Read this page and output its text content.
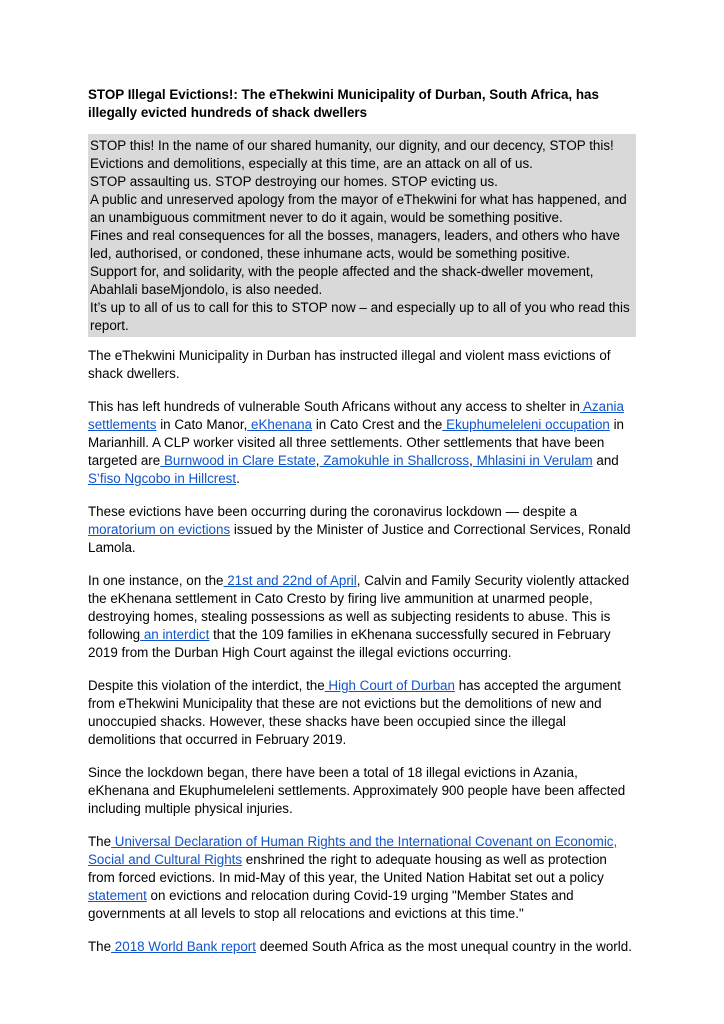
STOP Illegal Evictions!: The eThekwini Municipality of Durban, South Africa, has illegally evicted hundreds of shack dwellers

STOP this! In the name of our shared humanity, our dignity, and our decency, STOP this!

Evictions and demolitions, especially at this time, are an attack on all of us.

STOP assaulting us. STOP destroying our homes. STOP evicting us.

A public and unreserved apology from the mayor of eThekwini for what has happened, and an unambiguous commitment never to do it again, would be something positive.

Fines and real consequences for all the bosses, managers, leaders, and others who have led, authorised, or condoned, these inhumane acts, would be something positive.

Support for, and solidarity, with the people affected and the shack-dweller movement, Abahlali baseMjondolo, is also needed.

It’s up to all of us to call for this to STOP now – and especially up to all of you who read this report.

The eThekwini Municipality in Durban has instructed illegal and violent mass evictions of shack dwellers.

This has left hundreds of vulnerable South Africans without any access to shelter in Azania settlements in Cato Manor, eKhenana in Cato Crest and the Ekuphumeleleni occupation in Marianhill. A CLP worker visited all three settlements. Other settlements that have been targeted are Burnwood in Clare Estate, Zamokuhle in Shallcross, Mhlasini in Verulam and S’fiso Ngcobo in Hillcrest.

These evictions have been occurring during the coronavirus lockdown — despite a moratorium on evictions issued by the Minister of Justice and Correctional Services, Ronald Lamola.

In one instance, on the 21st and 22nd of April, Calvin and Family Security violently attacked the eKhenana settlement in Cato Cresto by firing live ammunition at unarmed people, destroying homes, stealing possessions as well as subjecting residents to abuse. This is following an interdict that the 109 families in eKhenana successfully secured in February 2019 from the Durban High Court against the illegal evictions occurring.

Despite this violation of the interdict, the High Court of Durban has accepted the argument from eThekwini Municipality that these are not evictions but the demolitions of new and unoccupied shacks. However, these shacks have been occupied since the illegal demolitions that occurred in February 2019.

Since the lockdown began, there have been a total of 18 illegal evictions in Azania, eKhenana and Ekuphumeleleni settlements. Approximately 900 people have been affected including multiple physical injuries.

The Universal Declaration of Human Rights and the International Covenant on Economic, Social and Cultural Rights enshrined the right to adequate housing as well as protection from forced evictions. In mid-May of this year, the United Nation Habitat set out a policy statement on evictions and relocation during Covid-19 urging "Member States and governments at all levels to stop all relocations and evictions at this time."

The 2018 World Bank report deemed South Africa as the most unequal country in the world.
